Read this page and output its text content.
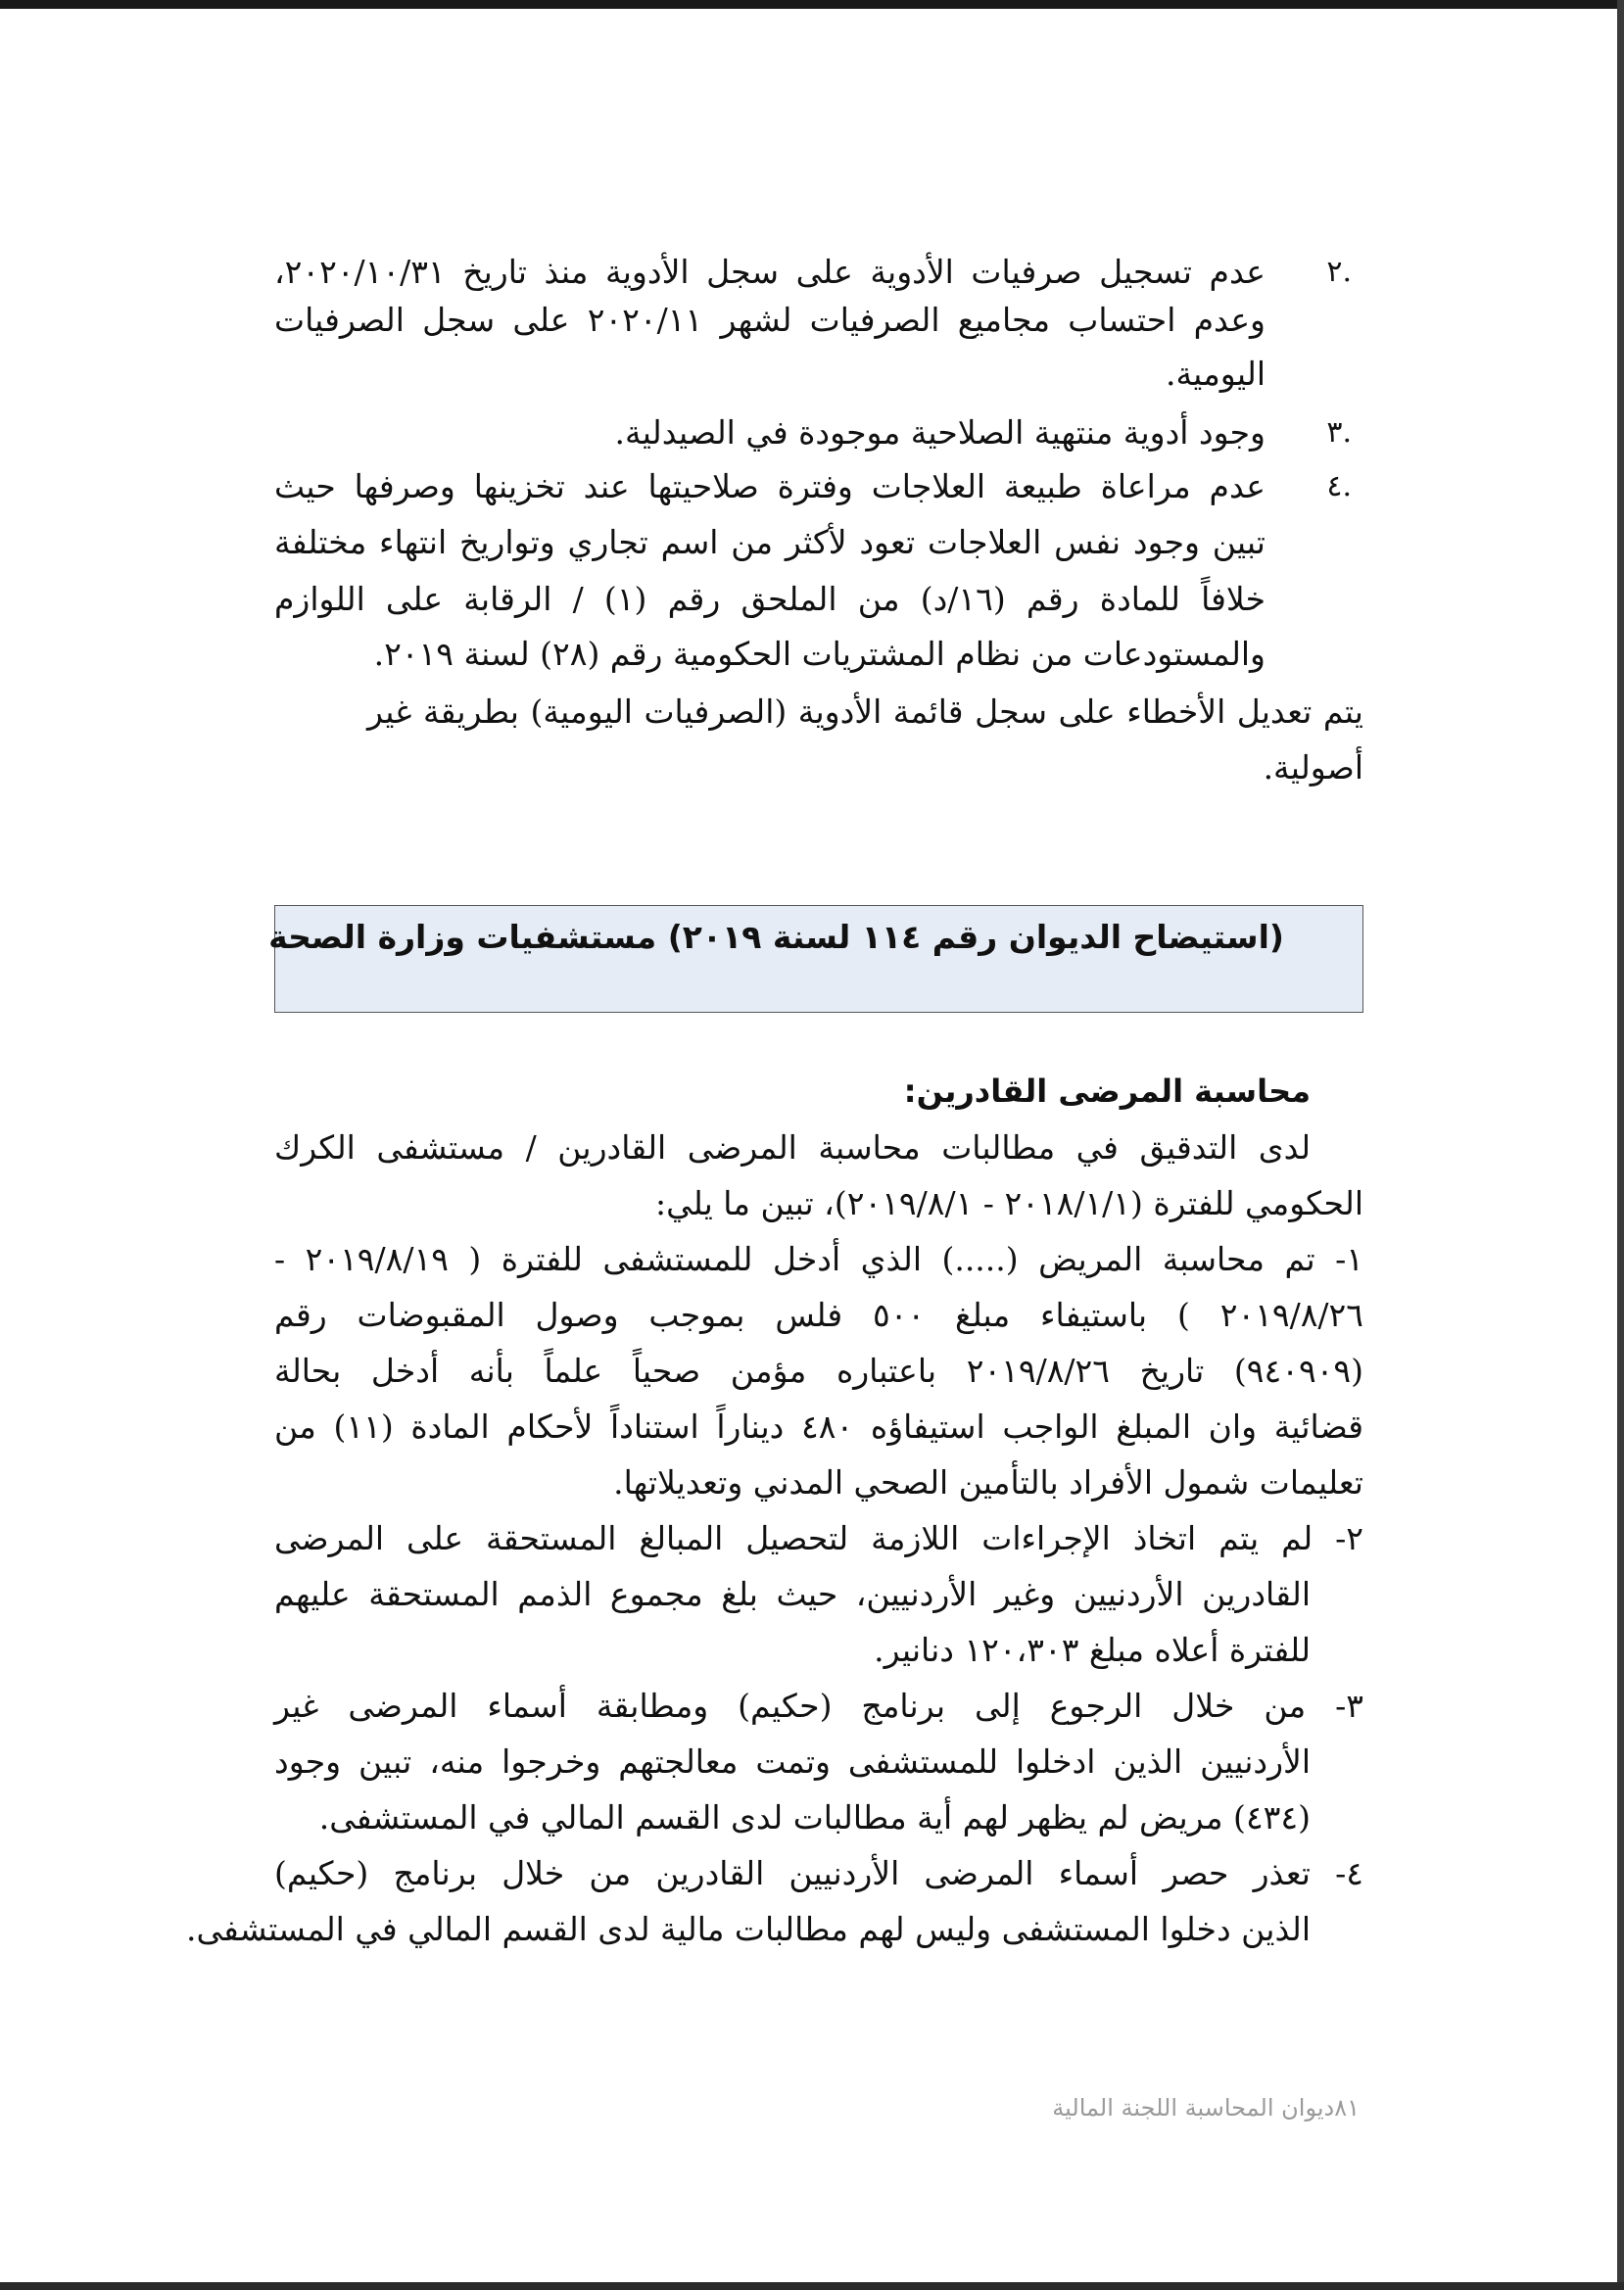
.٢
عدم تسجيل صرفيات الأدوية على سجل الأدوية منذ تاريخ ٢٠٢٠/١٠/٣١،
وعدم احتساب مجاميع الصرفيات لشهر ٢٠٢٠/١١ على سجل الصرفيات
اليومية.
.٣
وجود أدوية منتهية الصلاحية موجودة في الصيدلية.
.٤
عدم مراعاة طبيعة العلاجات وفترة صلاحيتها عند تخزينها وصرفها حيث
تبين وجود نفس العلاجات تعود لأكثر من اسم تجاري وتواريخ انتهاء مختلفة
خلافاً للمادة رقم (١٦/د) من الملحق رقم (١) / الرقابة على اللوازم
والمستودعات من نظام المشتريات الحكومية رقم (٢٨) لسنة ٢٠١٩.
يتم تعديل الأخطاء على سجل قائمة الأدوية (الصرفيات اليومية) بطريقة غير
أصولية.
(استيضاح الديوان رقم ١١٤ لسنة ٢٠١٩) مستشفيات وزارة الصحة
محاسبة المرضى القادرين:
لدى التدقيق في مطالبات محاسبة المرضى القادرين / مستشفى الكرك
الحكومي للفترة (٢٠١٨/١/١ - ٢٠١٩/٨/١)، تبين ما يلي:
١- تم محاسبة المريض (.....) الذي أدخل للمستشفى للفترة ( ٢٠١٩/٨/١٩ -
٢٠١٩/٨/٢٦ ) باستيفاء مبلغ ٥٠٠ فلس بموجب وصول المقبوضات رقم
(٩٤٠٩٠٩) تاريخ ٢٠١٩/٨/٢٦ باعتباره مؤمن صحياً علماً بأنه أدخل بحالة
قضائية وان المبلغ الواجب استيفاؤه ٤٨٠ ديناراً استناداً لأحكام المادة (١١) من
تعليمات شمول الأفراد بالتأمين الصحي المدني وتعديلاتها.
٢- لم يتم اتخاذ الإجراءات اللازمة لتحصيل المبالغ المستحقة على المرضى
القادرين الأردنيين وغير الأردنيين، حيث بلغ مجموع الذمم المستحقة عليهم
للفترة أعلاه مبلغ ١٢٠،٣٠٣ دنانير.
٣- من خلال الرجوع إلى برنامج (حكيم) ومطابقة أسماء المرضى غير
الأردنيين الذين ادخلوا للمستشفى وتمت معالجتهم وخرجوا منه، تبين وجود
(٤٣٤) مريض لم يظهر لهم أية مطالبات لدى القسم المالي في المستشفى.
٤- تعذر حصر أسماء المرضى الأردنيين القادرين من خلال برنامج (حكيم)
الذين دخلوا المستشفى وليس لهم مطالبات مالية لدى القسم المالي في المستشفى.
٨١ديوان المحاسبة اللجنة المالية
